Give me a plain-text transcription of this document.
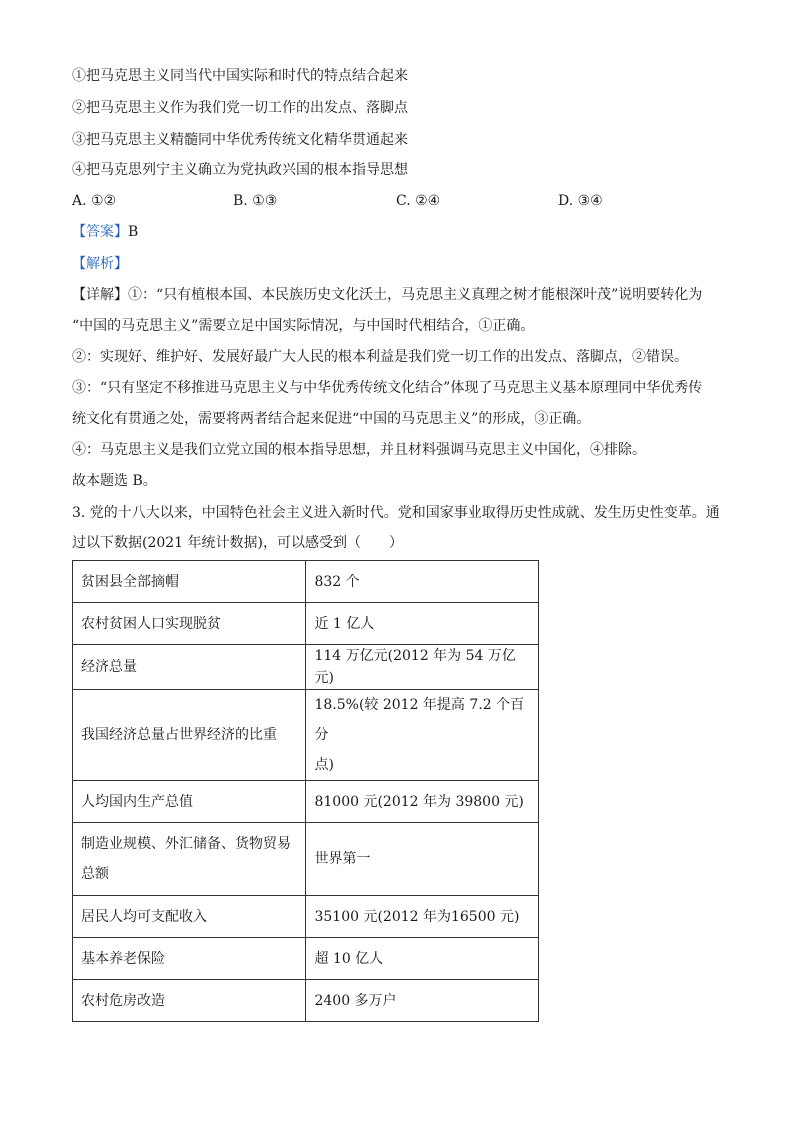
①把马克思主义同当代中国实际和时代的特点结合起来
②把马克思主义作为我们党一切工作的出发点、落脚点
③把马克思主义精髓同中华优秀传统文化精华贯通起来
④把马克思列宁主义确立为党执政兴国的根本指导思想
A. ①②	B. ①③	C. ②④	D. ③④
【答案】B
【解析】
【详解】①：“只有植根本国、本民族历史文化沃土，马克思主义真理之树才能根深叶茂”说明要转化为
“中国的马克思主义”需要立足中国实际情况，与中国时代相结合，①正确。
②：实现好、维护好、发展好最广大人民的根本利益是我们党一切工作的出发点、落脚点，②错误。
③：“只有坚定不移推进马克思主义与中华优秀传统文化结合”体现了马克思主义基本原理同中华优秀传
统文化有贯通之处，需要将两者结合起来促进“中国的马克思主义”的形成，③正确。
④：马克思主义是我们立党立国的根本指导思想，并且材料强调马克思主义中国化，④排除。
故本题选 B。
3. 党的十八大以来，中国特色社会主义进入新时代。党和国家事业取得历史性成就、发生历史性变革。通
过以下数据(2021 年统计数据)，可以感受到（　　）
贫困县全部摘帽	832 个
农村贫困人口实现脱贫	近 1 亿人
经济总量	114 万亿元(2012 年为 54 万亿元)
我国经济总量占世界经济的比重	18.5%(较 2012 年提高 7.2 个百分
点)

人均国内生产总值	81000 元(2012 年为 39800 元)

制造业规模、外汇储备、货物贸易
总额	世界第一
居民人均可支配收入	35100 元(2012 年为16500 元)
基本养老保险	超 10 亿人
农村危房改造	2400 多万户
